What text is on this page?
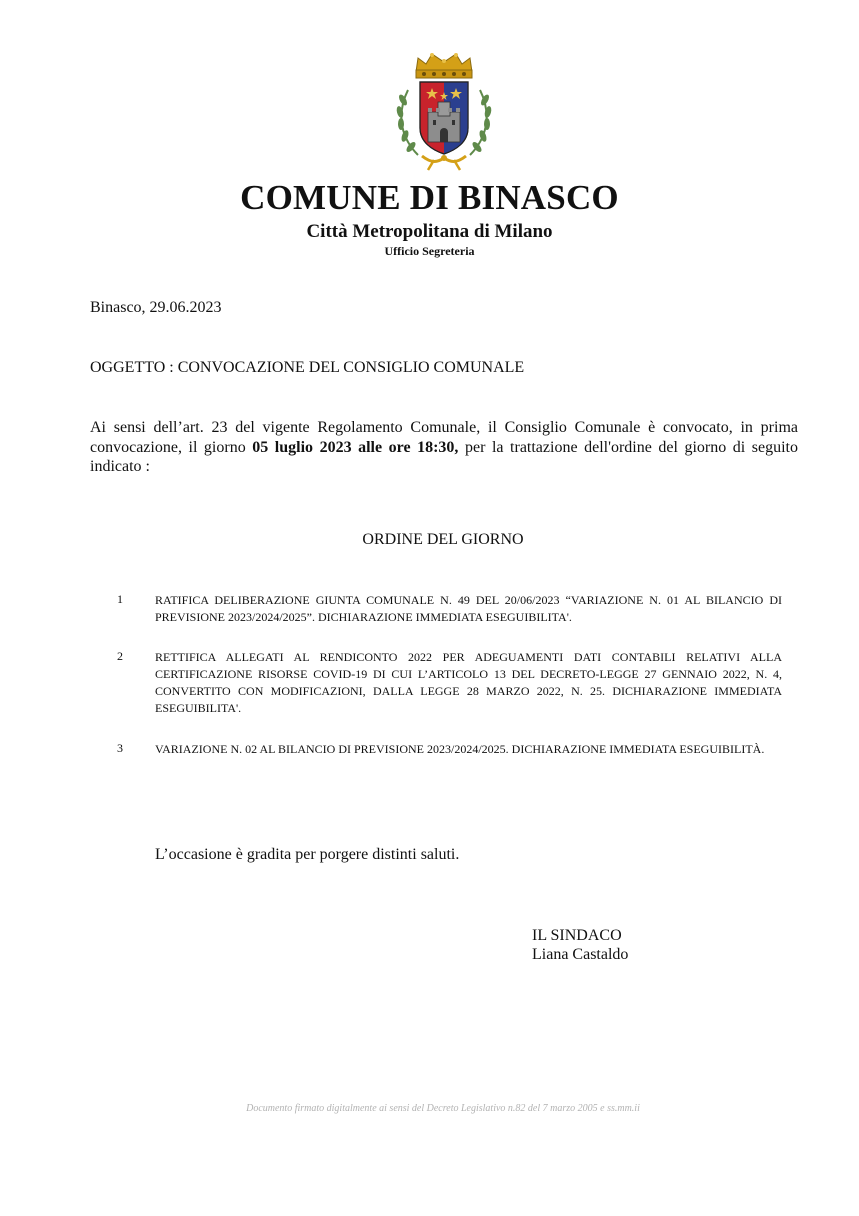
COMUNE DI BINASCO
Città Metropolitana di Milano
Ufficio Segreteria
Binasco, 29.06.2023
OGGETTO : CONVOCAZIONE DEL CONSIGLIO COMUNALE
Ai sensi dell’art. 23 del vigente Regolamento Comunale, il Consiglio Comunale è convocato, in prima convocazione, il giorno 05 luglio 2023 alle ore 18:30, per la trattazione dell'ordine del giorno di seguito indicato :
ORDINE DEL GIORNO
1	RATIFICA DELIBERAZIONE GIUNTA COMUNALE N. 49 DEL 20/06/2023 “VARIAZIONE N. 01 AL BILANCIO DI PREVISIONE 2023/2024/2025”. DICHIARAZIONE IMMEDIATA ESEGUIBILITA'.
2	RETTIFICA ALLEGATI AL RENDICONTO 2022 PER ADEGUAMENTI DATI CONTABILI RELATIVI ALLA CERTIFICAZIONE RISORSE COVID-19 DI CUI L’ARTICOLO 13 DEL DECRETO-LEGGE 27 GENNAIO 2022, N. 4, CONVERTITO CON MODIFICAZIONI, DALLA LEGGE 28 MARZO 2022, N. 25. DICHIARAZIONE IMMEDIATA ESEGUIBILITA'.
3	VARIAZIONE N. 02 AL BILANCIO DI PREVISIONE 2023/2024/2025. DICHIARAZIONE IMMEDIATA ESEGUIBILITÀ.
L’occasione è gradita per porgere distinti saluti.
IL SINDACO
Liana Castaldo
Documento firmato digitalmente ai sensi del Decreto Legislativo n.82 del 7 marzo 2005 e ss.mm.ii
